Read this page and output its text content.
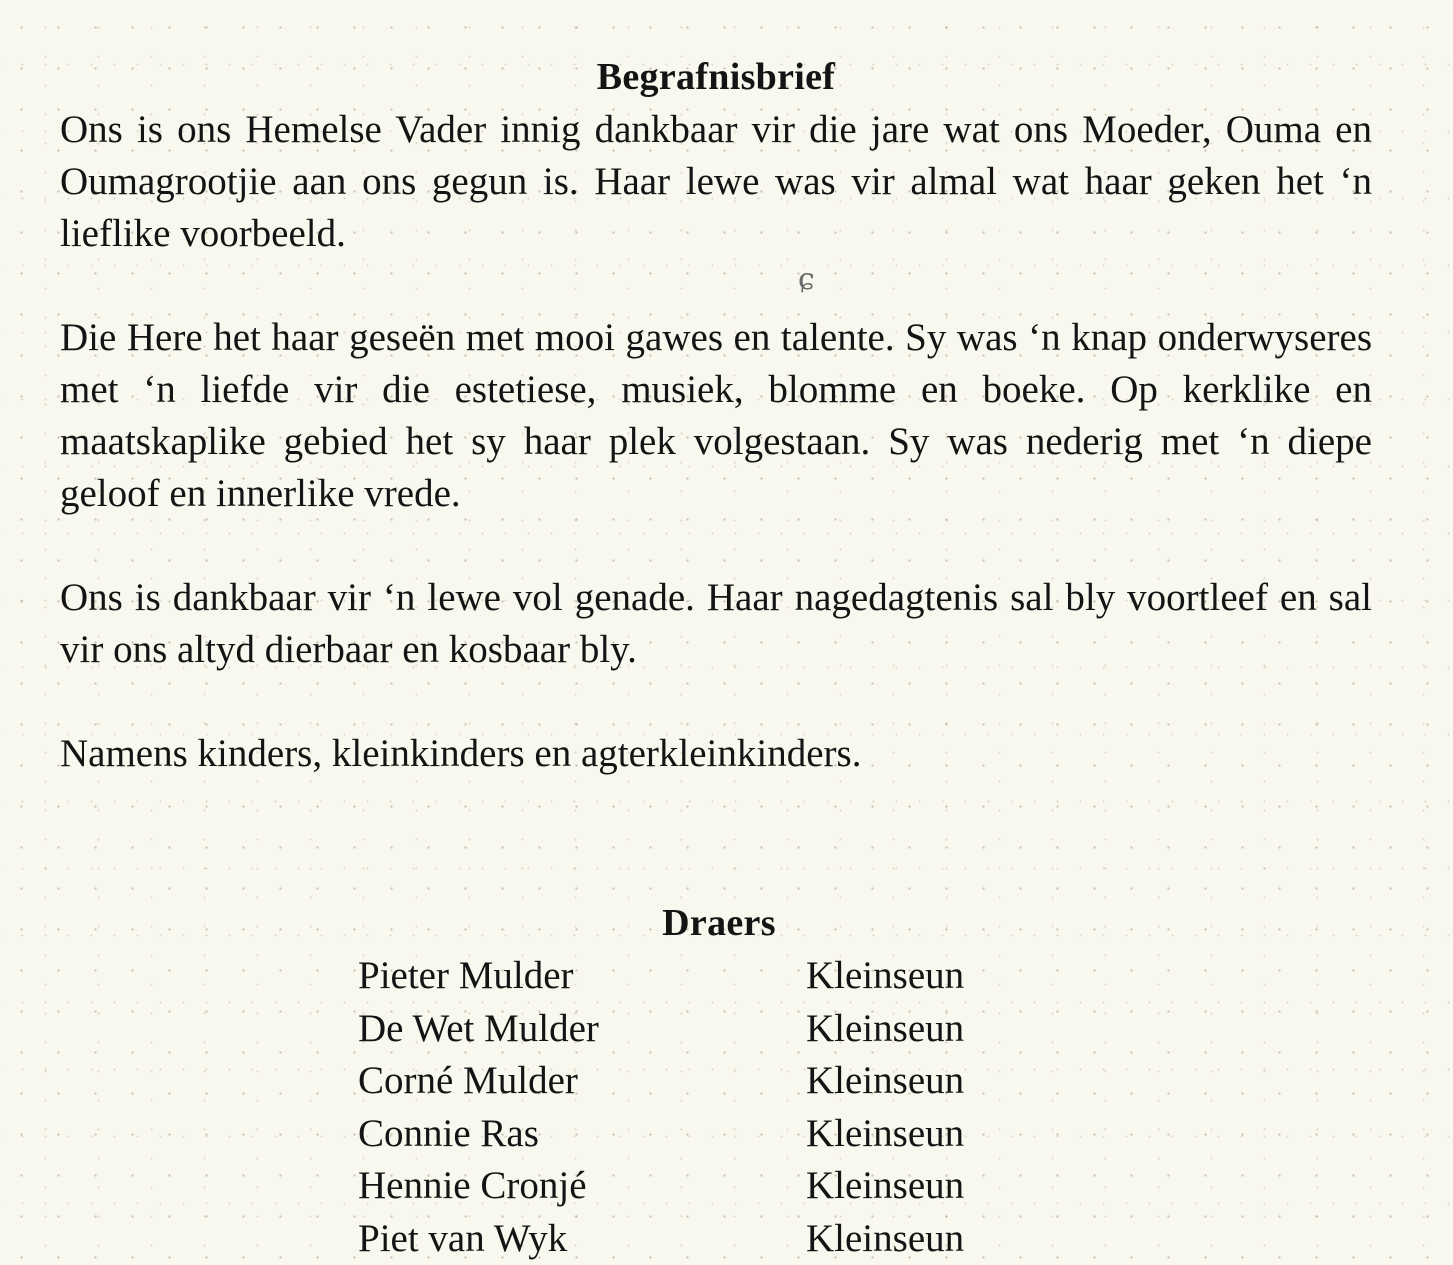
Begrafnisbrief

Ons is ons Hemelse Vader innig dankbaar vir die jare wat ons Moeder, Ouma en Oumagrootjie aan ons gegun is. Haar lewe was vir almal wat haar geken het ‘n lieflike voorbeeld.

ɕ

Die Here het haar geseën met mooi gawes en talente. Sy was ‘n knap onderwyseres met ‘n liefde vir die estetiese, musiek, blomme en boeke. Op kerklike en maatskaplike gebied het sy haar plek volgestaan. Sy was nederig met ‘n diepe geloof en innerlike vrede.

Ons is dankbaar vir ‘n lewe vol genade. Haar nagedagtenis sal bly voortleef en sal vir ons altyd dierbaar en kosbaar bly.

Namens kinders, kleinkinders en agterkleinkinders.

Draers
Pieter Mulder	Kleinseun
De Wet Mulder	Kleinseun
Corné Mulder	Kleinseun
Connie Ras	Kleinseun
Hennie Cronjé	Kleinseun
Piet van Wyk	Kleinseun
